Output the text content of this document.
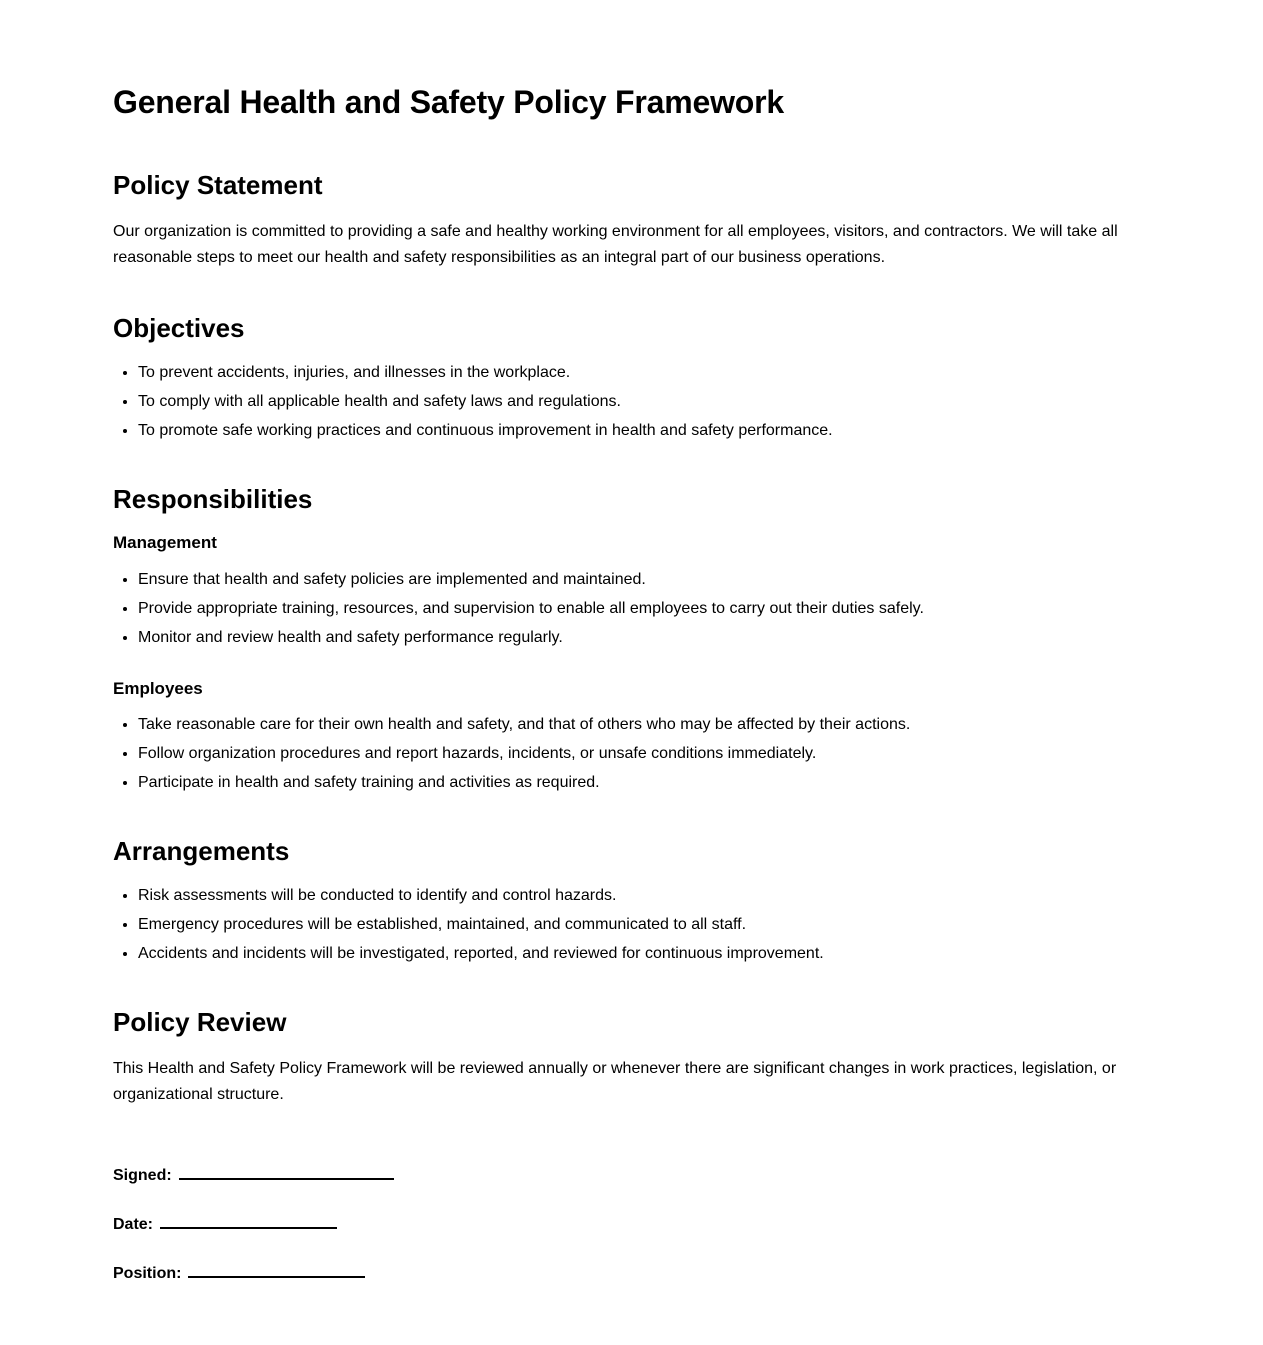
General Health and Safety Policy Framework
Policy Statement

Our organization is committed to providing a safe and healthy working environment for all employees, visitors, and contractors. We will take all reasonable steps to meet our health and safety responsibilities as an integral part of our business operations.

Objectives
To prevent accidents, injuries, and illnesses in the workplace.
To comply with all applicable health and safety laws and regulations.
To promote safe working practices and continuous improvement in health and safety performance.
Responsibilities
Management
Ensure that health and safety policies are implemented and maintained.
Provide appropriate training, resources, and supervision to enable all employees to carry out their duties safely.
Monitor and review health and safety performance regularly.
Employees
Take reasonable care for their own health and safety, and that of others who may be affected by their actions.
Follow organization procedures and report hazards, incidents, or unsafe conditions immediately.
Participate in health and safety training and activities as required.
Arrangements
Risk assessments will be conducted to identify and control hazards.
Emergency procedures will be established, maintained, and communicated to all staff.
Accidents and incidents will be investigated, reported, and reviewed for continuous improvement.
Policy Review

This Health and Safety Policy Framework will be reviewed annually or whenever there are significant changes in work practices, legislation, or organizational structure.

Signed:
Date:
Position:
